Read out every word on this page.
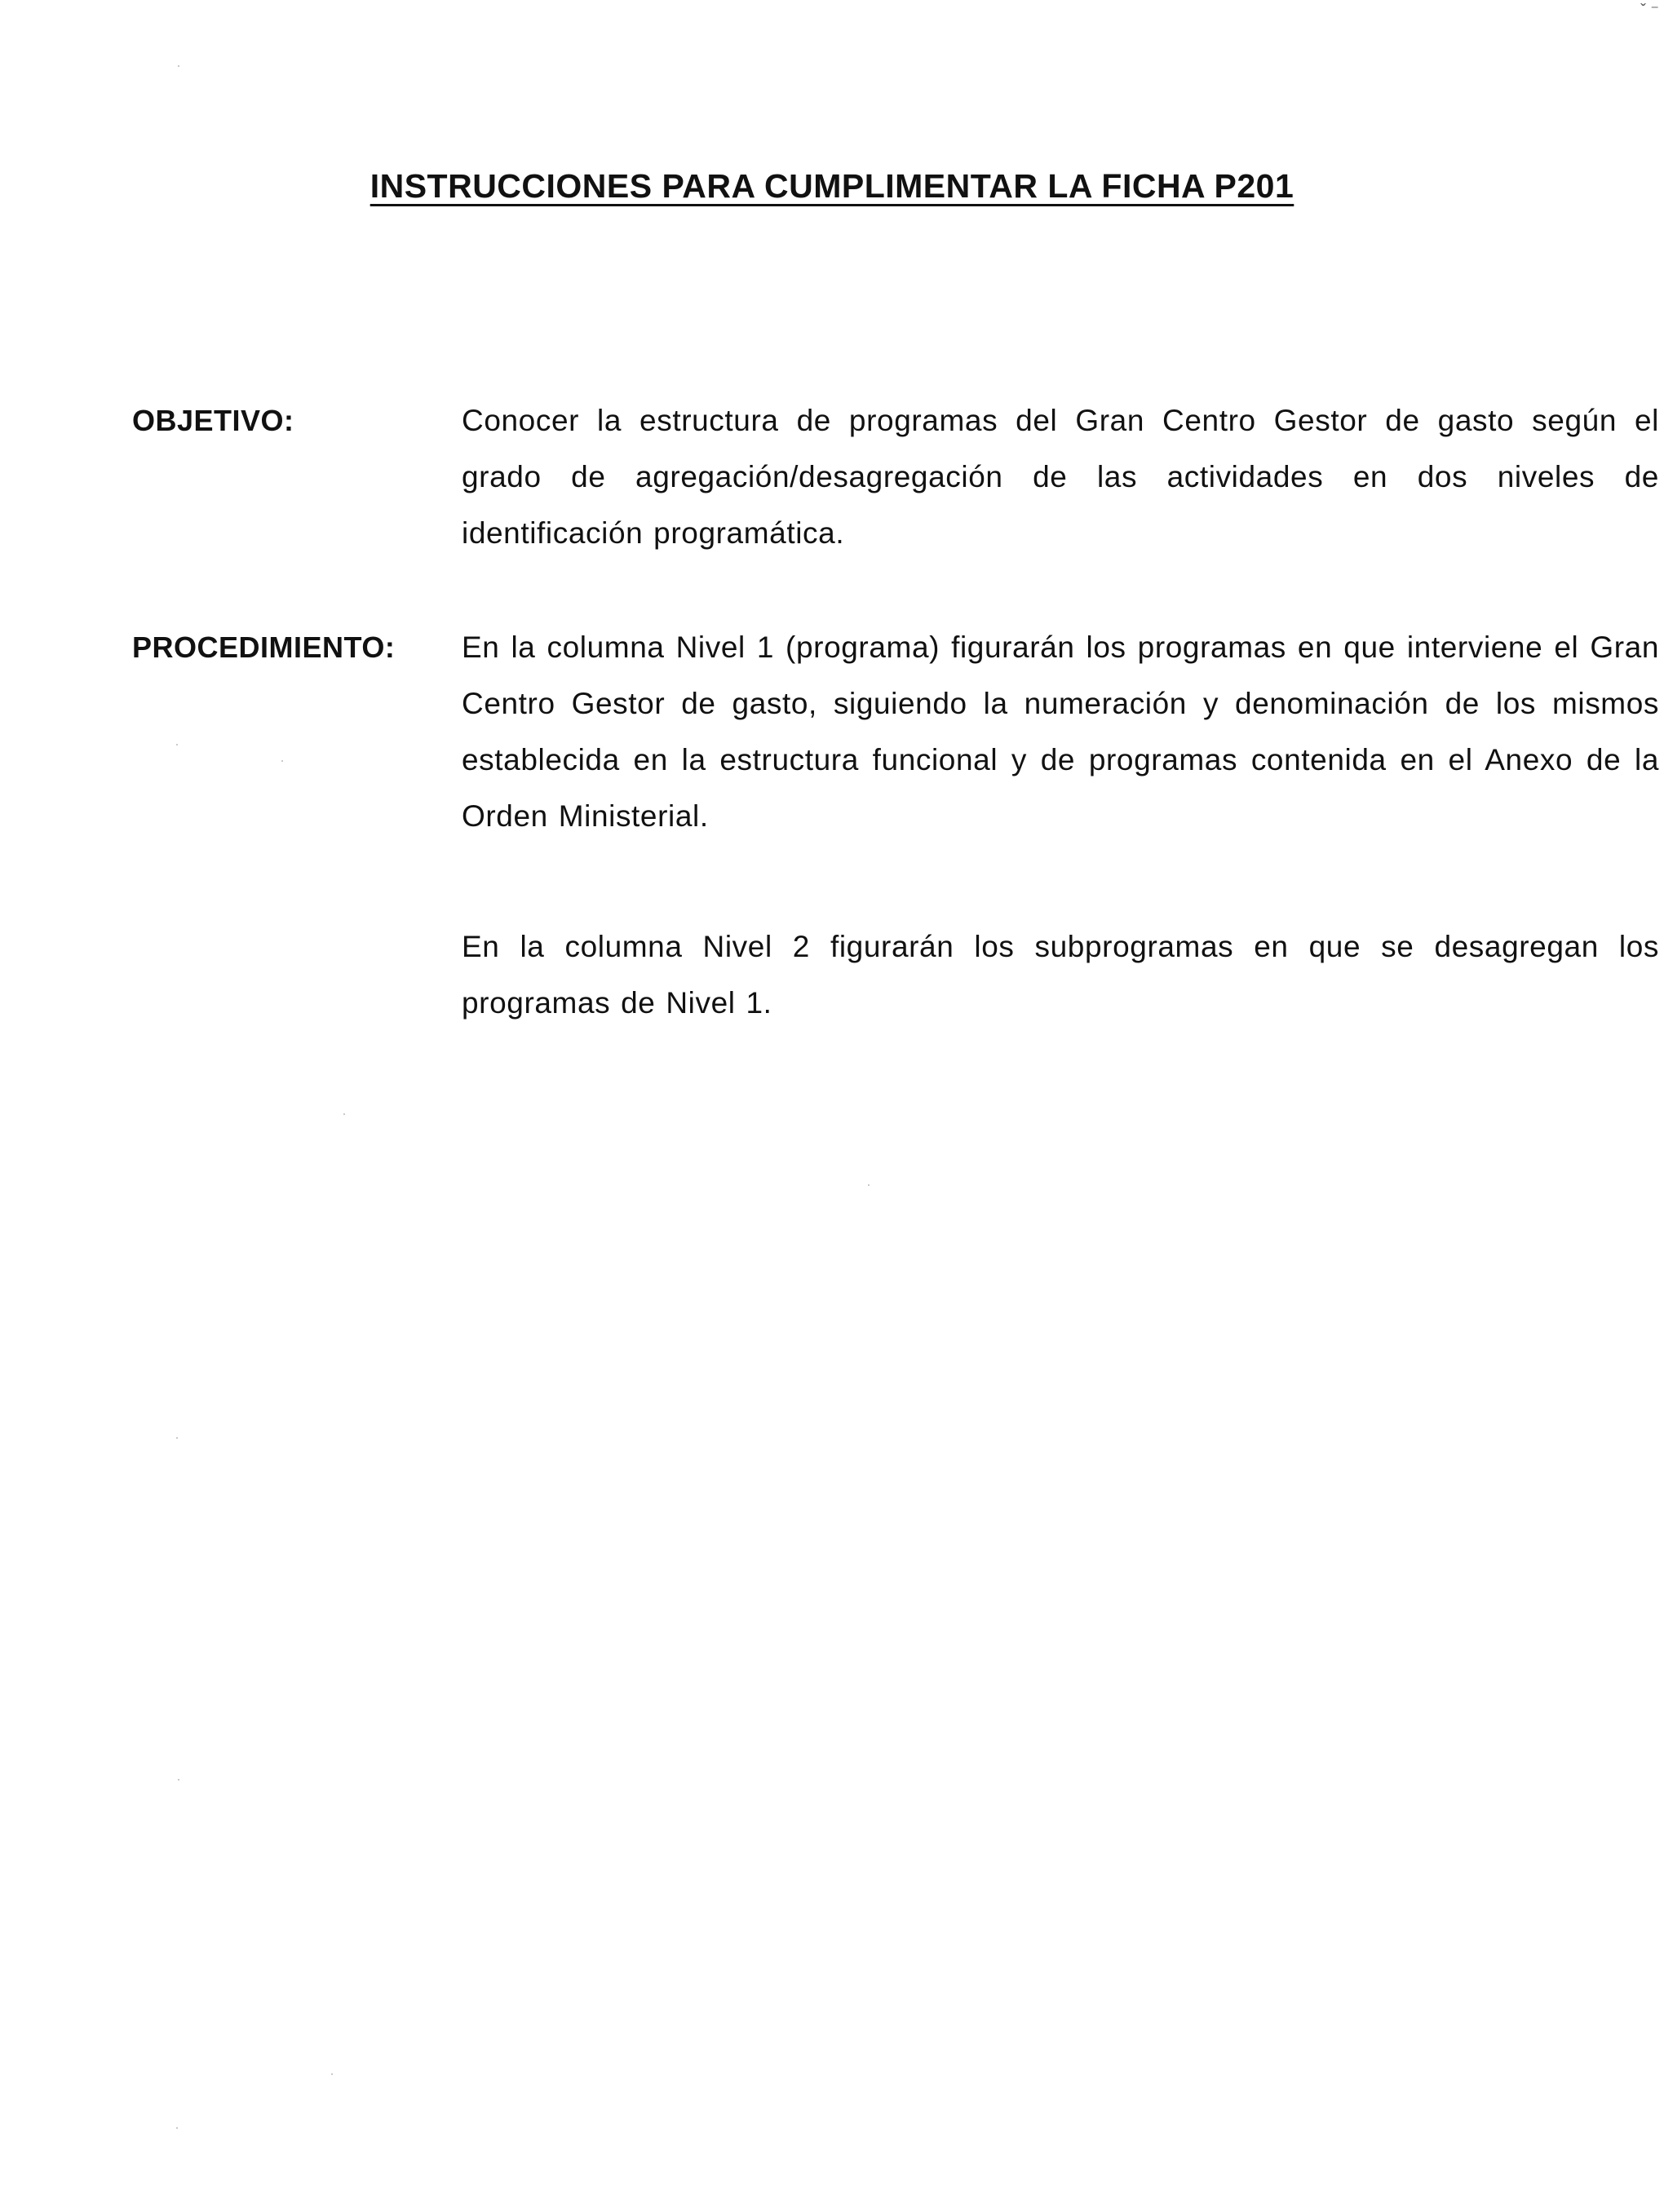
ˇ ⁻
INSTRUCCIONES PARA CUMPLIMENTAR LA FICHA P201
OBJETIVO:	Conocer la estructura de programas del Gran Centro Gestor de gasto según el grado de agregación/desagregación de las actividades en dos niveles de identificación programática.
PROCEDIMIENTO: En la columna Nivel 1 (programa) figurarán los programas en que interviene el Gran Centro Gestor de gasto, siguiendo la numeración y denominación de los mismos establecida en la estructura funcional y de programas contenida en el Anexo de la Orden Ministerial.
En la columna Nivel 2 figurarán los subprogramas en que se desagregan los programas de Nivel 1.
